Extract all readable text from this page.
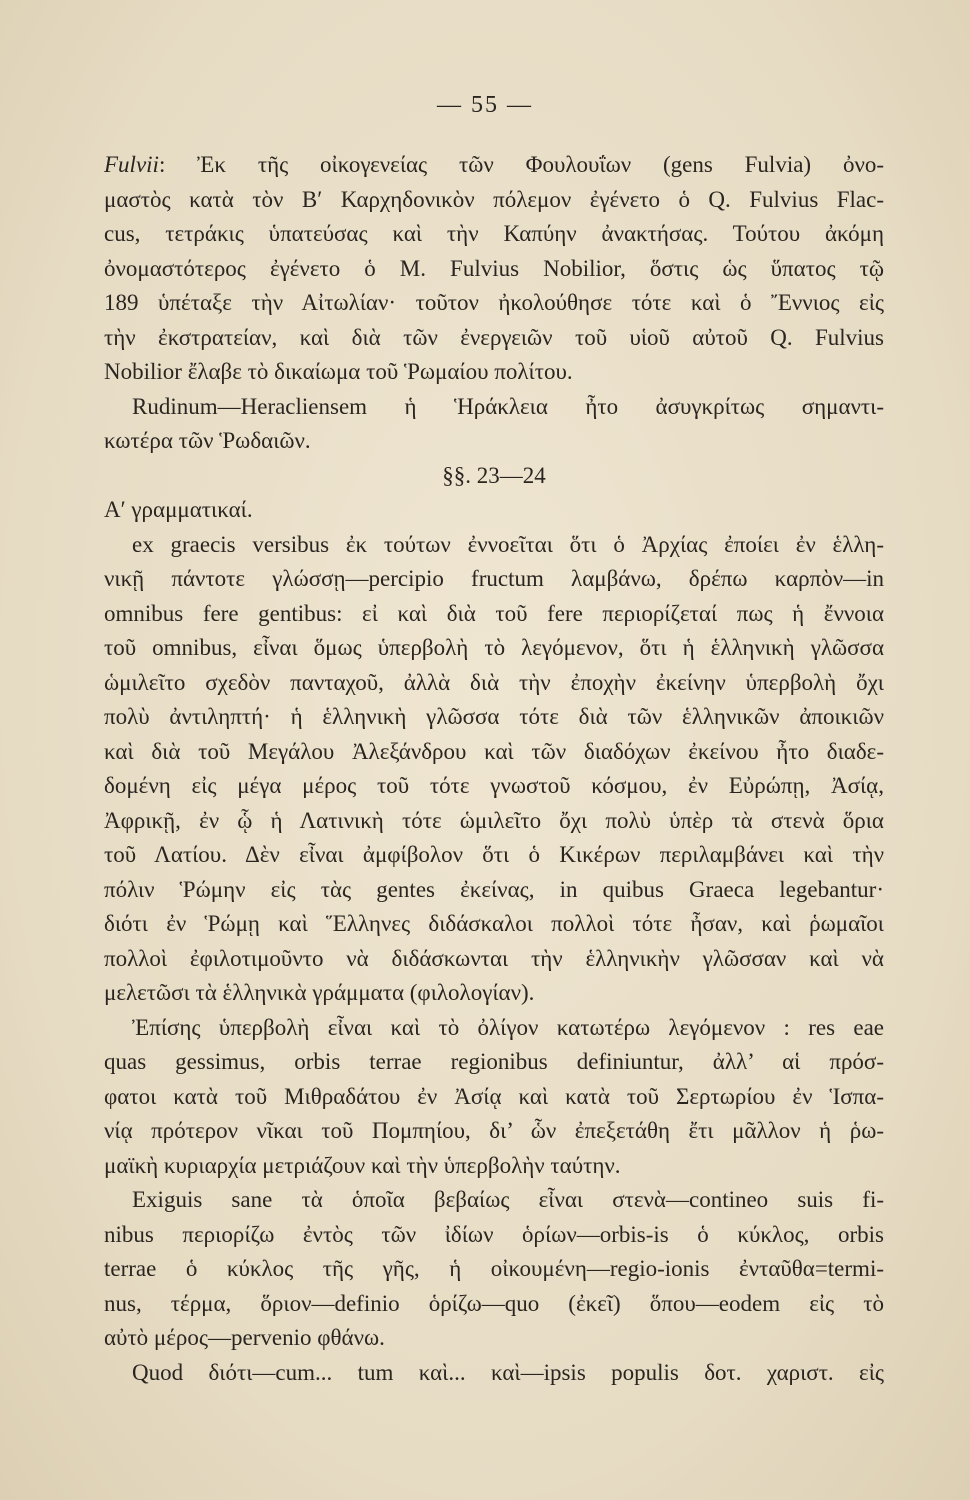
— 55 —
Fulvii: Ἐκ τῆς οἰκογενείας τῶν Φουλουΐων (gens Fulvia) ὀνο-
μαστὸς κατὰ τὸν Β′ Καρχηδονικὸν πόλεμον ἐγένετο ὁ Q. Fulvius Flac-
cus, τετράκις ὑπατεύσας καὶ τὴν Καπύην ἀνακτήσας. Τούτου ἀκόμη
ὀνομαστότερος ἐγένετο ὁ Μ. Fulvius Nobilior, ὅστις ὡς ὕπατος τῷ
189 ὑπέταξε τὴν Αἰτωλίαν· τοῦτον ἠκολούθησε τότε καὶ ὁ Ἔννιος εἰς
τὴν ἐκστρατείαν, καὶ διὰ τῶν ἐνεργειῶν τοῦ υἱοῦ αὐτοῦ Q. Fulvius
Nobilior ἔλαβε τὸ δικαίωμα τοῦ Ῥωμαίου πολίτου.
Rudinum—Heracliensem ἡ Ἡράκλεια ἦτο ἀσυγκρίτως σημαντι-
κωτέρα τῶν Ῥωδαιῶν.
§§. 23—24
Α′ γραμματικαί.
ex graecis versibus ἐκ τούτων ἐννοεῖται ὅτι ὁ Ἀρχίας ἐποίει ἐν ἑλλη-
νικῇ πάντοτε γλώσσῃ—percipio fructum λαμβάνω, δρέπω καρπὸν—in
omnibus fere gentibus: εἰ καὶ διὰ τοῦ fere περιορίζεταί πως ἡ ἔννοια
τοῦ omnibus, εἶναι ὅμως ὑπερβολὴ τὸ λεγόμενον, ὅτι ἡ ἑλληνικὴ γλῶσσα
ὡμιλεῖτο σχεδὸν πανταχοῦ, ἀλλὰ διὰ τὴν ἐποχὴν ἐκείνην ὑπερβολὴ ὄχι
πολὺ ἀντιληπτή· ἡ ἑλληνικὴ γλῶσσα τότε διὰ τῶν ἑλληνικῶν ἀποικιῶν
καὶ διὰ τοῦ Μεγάλου Ἀλεξάνδρου καὶ τῶν διαδόχων ἐκείνου ἦτο διαδε-
δομένη εἰς μέγα μέρος τοῦ τότε γνωστοῦ κόσμου, ἐν Εὐρώπῃ, Ἀσίᾳ,
Ἀφρικῇ, ἐν ᾧ ἡ Λατινικὴ τότε ὡμιλεῖτο ὄχι πολὺ ὑπὲρ τὰ στενὰ ὅρια
τοῦ Λατίου. Δὲν εἶναι ἀμφίβολον ὅτι ὁ Κικέρων περιλαμβάνει καὶ τὴν
πόλιν Ῥώμην εἰς τὰς gentes ἐκείνας, in quibus Graeca legebantur·
διότι ἐν Ῥώμῃ καὶ Ἕλληνες διδάσκαλοι πολλοὶ τότε ἦσαν, καὶ ῥωμαῖοι
πολλοὶ ἐφιλοτιμοῦντο νὰ διδάσκωνται τὴν ἑλληνικὴν γλῶσσαν καὶ νὰ
μελετῶσι τὰ ἑλληνικὰ γράμματα (φιλολογίαν).
Ἐπίσης ὑπερβολὴ εἶναι καὶ τὸ ὀλίγον κατωτέρω λεγόμενον : res eae
quas gessimus, orbis terrae regionibus definiuntur, ἀλλ’ αἱ πρόσ-
φατοι κατὰ τοῦ Μιθραδάτου ἐν Ἀσίᾳ καὶ κατὰ τοῦ Σερτωρίου ἐν Ἱσπα-
νίᾳ πρότερον νῖκαι τοῦ Πομπηίου, δι’ ὧν ἐπεξετάθη ἔτι μᾶλλον ἡ ῥω-
μαϊκὴ κυριαρχία μετριάζουν καὶ τὴν ὑπερβολὴν ταύτην.
Exiguis sane τὰ ὁποῖα βεβαίως εἶναι στενὰ—contineo suis fi-
nibus περιορίζω ἐντὸς τῶν ἰδίων ὁρίων—orbis-is ὁ κύκλος, orbis
terrae ὁ κύκλος τῆς γῆς, ἡ οἰκουμένη—regio-ionis ἐνταῦθα=termi-
nus, τέρμα, ὅριον—definio ὁρίζω—quo (ἐκεῖ) ὅπου—eodem εἰς τὸ
αὐτὸ μέρος—pervenio φθάνω.
Quod διότι—cum... tum καὶ... καὶ—ipsis populis δοτ. χαριστ. εἰς
